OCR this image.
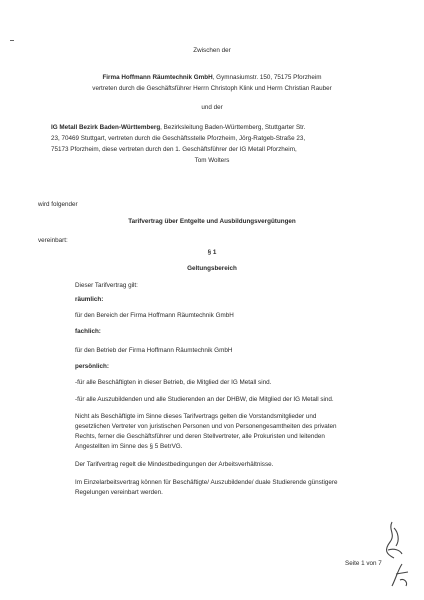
Zwischen der

Firma Hoffmann Räumtechnik GmbH, Gymnasiumstr. 150, 75175 Pforzheim

vertreten durch die Geschäftsführer Herrn Christoph Klink und Herrn Christian Rauber

und der

IG Metall Bezirk Baden-Württemberg, Bezirksleitung Baden-Württemberg, Stuttgarter Str.

23, 70469 Stuttgart, vertreten durch die Geschäftsstelle Pforzheim, Jörg-Ratgeb-Straße 23,

75173 Pforzheim, diese vertreten durch den 1. Geschäftsführer der IG Metall Pforzheim,

Tom Wolters

wird folgender

Tarifvertrag über Entgelte und Ausbildungsvergütungen

vereinbart:

§ 1

Geltungsbereich

Dieser Tarifvertrag gilt:

räumlich:

für den Bereich der Firma Hoffmann Räumtechnik GmbH

fachlich:

für den Betrieb der Firma Hoffmann Räumtechnik GmbH

persönlich:

-für alle Beschäftigten in dieser Betrieb, die Mitglied der IG Metall sind.

-für alle Auszubildenden und alle Studierenden an der DHBW, die Mitglied der IG Metall sind.

Nicht als Beschäftigte im Sinne dieses Tarifvertrags gelten die Vorstandsmitglieder und

gesetzlichen Vertreter von juristischen Personen und von Personengesamtheiten des privaten

Rechts, ferner die Geschäftsführer und deren Stellvertreter, alle Prokuristen und leitenden

Angestellten im Sinne des § 5 BetrVG.

Der Tarifvertrag regelt die Mindestbedingungen der Arbeitsverhältnisse.

Im Einzelarbeitsvertrag können für Beschäftigte/ Auszubildende/ duale Studierende günstigere

Regelungen vereinbart werden.

Seite 1 von 7
